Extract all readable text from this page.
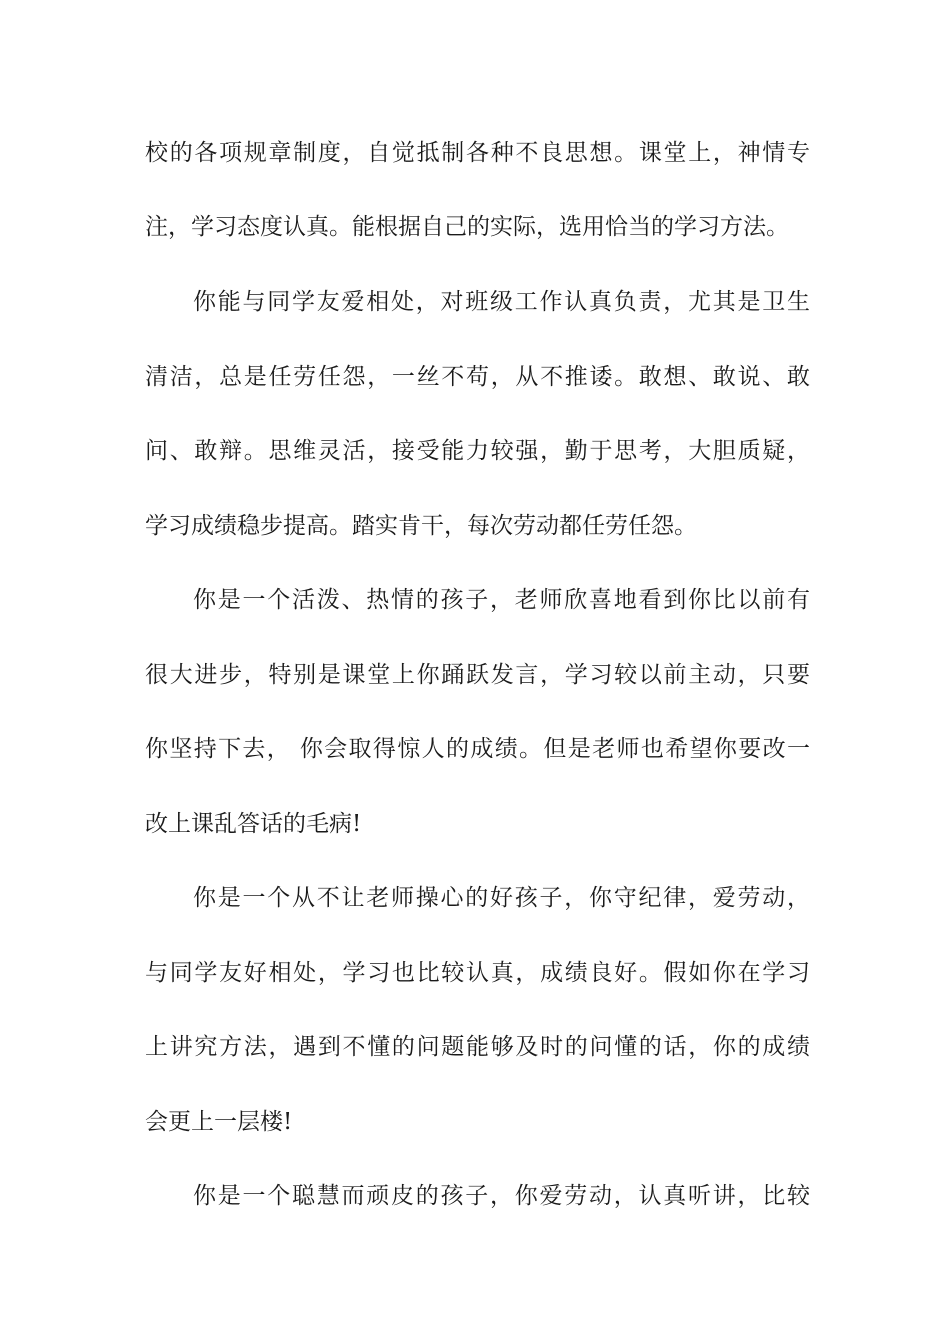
校的各项规章制度，自觉抵制各种不良思想。课堂上，神情专
注，学习态度认真。能根据自己的实际，选用恰当的学习方法。
你能与同学友爱相处，对班级工作认真负责，尤其是卫生
清洁，总是任劳任怨，一丝不苟，从不推诿。敢想、敢说、敢
问、敢辩。思维灵活，接受能力较强，勤于思考，大胆质疑，
学习成绩稳步提高。踏实肯干，每次劳动都任劳任怨。
你是一个活泼、热情的孩子，老师欣喜地看到你比以前有
很大进步，特别是课堂上你踊跃发言，学习较以前主动，只要
你坚持下去， 你会取得惊人的成绩。但是老师也希望你要改一
改上课乱答话的毛病!
你是一个从不让老师操心的好孩子，你守纪律，爱劳动，
与同学友好相处，学习也比较认真，成绩良好。假如你在学习
上讲究方法，遇到不懂的问题能够及时的问懂的话，你的成绩
会更上一层楼!
你是一个聪慧而顽皮的孩子，你爱劳动，认真听讲，比较
